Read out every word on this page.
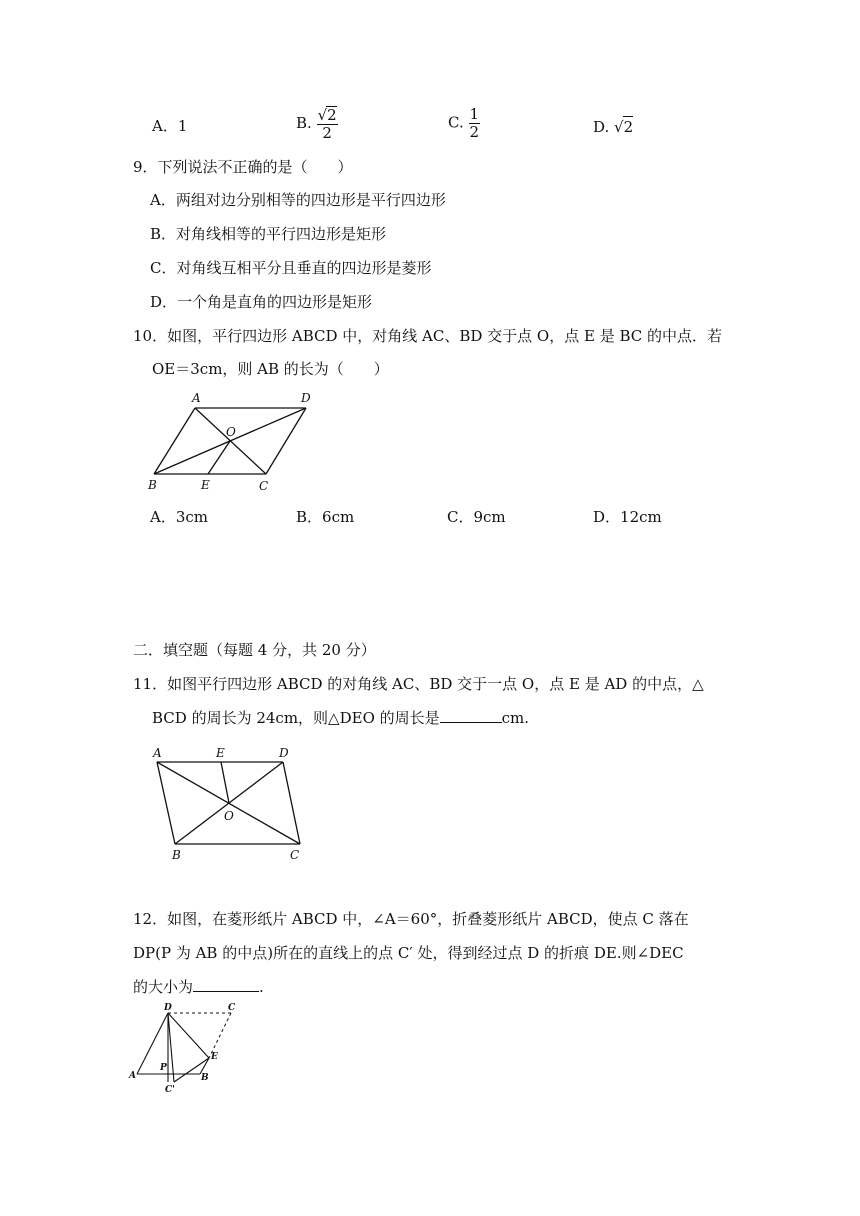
A．1	B. $\frac{√2}{2}$	C. $\frac{1}{2}$	D. √2
9．下列说法不正确的是（　　）
A．两组对边分别相等的四边形是平行四边形
B．对角线相等的平行四边形是矩形
C．对角线互相平分且垂直的四边形是菱形
D．一个角是直角的四边形是矩形
10．如图，平行四边形 ABCD 中，对角线 AC、BD 交于点 O，点 E 是 BC 的中点．若
OE＝3cm，则 AB 的长为（　　）
A	D
O
B	E	C
A．3cm	B．6cm	C．9cm	D．12cm
二．填空题（每题 4 分，共 20 分）
11．如图平行四边形 ABCD 的对角线 AC、BD 交于一点 O，点 E 是 AD 的中点，△
BCD 的周长为 24cm，则△DEO 的周长是	cm.
A	E	D
O
B	C
12．如图，在菱形纸片 ABCD 中，∠A＝60°，折叠菱形纸片 ABCD，使点 C 落在
DP(P 为 AB 的中点)所在的直线上的点 C′ 处，得到经过点 D 的折痕 DE.则∠DEC
的大小为	.
D	C
E
A
P
B
C'
